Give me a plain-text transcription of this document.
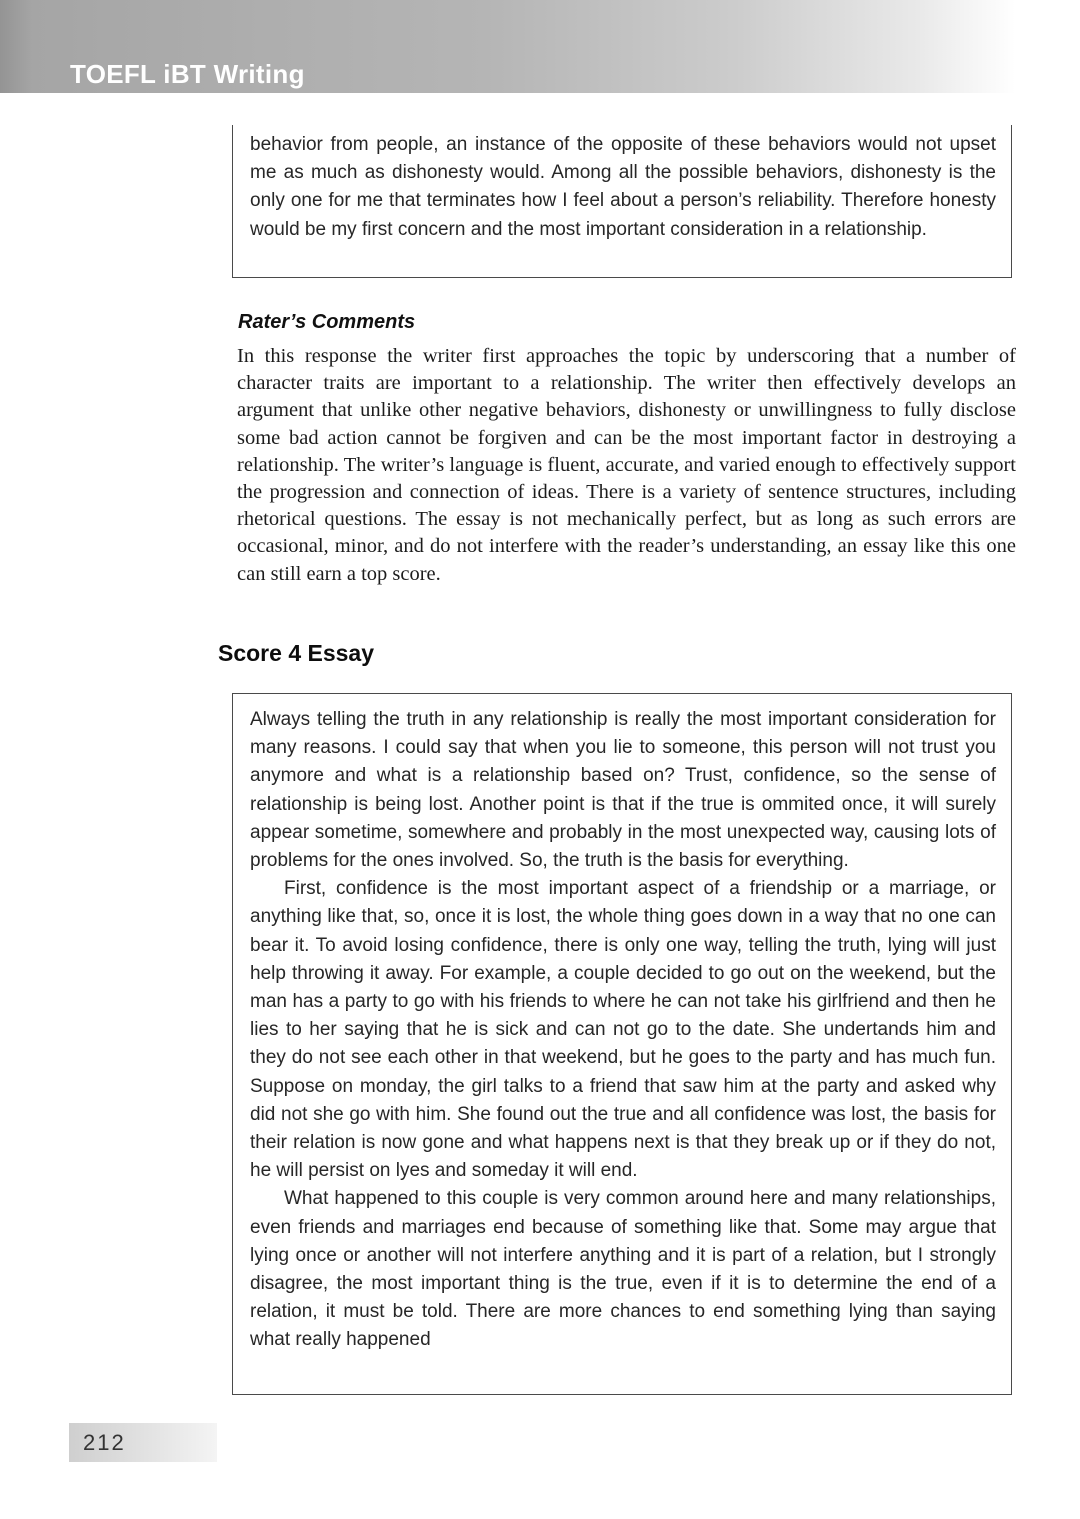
TOEFL iBT Writing

behavior from people, an instance of the opposite of these behaviors would not upset me as much as dishonesty would. Among all the possible behaviors, dishonesty is the only one for me that terminates how I feel about a person’s reliability. Therefore honesty would be my first concern and the most important consideration in a relationship.

Rater’s Comments

In this response the writer first approaches the topic by underscoring that a number of character traits are important to a relationship. The writer then effectively develops an argument that unlike other negative behaviors, dishonesty or unwillingness to fully disclose some bad action cannot be forgiven and can be the most important factor in destroying a relationship. The writer’s language is fluent, accurate, and varied enough to effectively support the progression and connection of ideas. There is a variety of sentence structures, including rhetorical questions. The essay is not mechanically perfect, but as long as such errors are occasional, minor, and do not interfere with the reader’s understanding, an essay like this one can still earn a top score.

Score 4 Essay

Always telling the truth in any relationship is really the most important consideration for many reasons. I could say that when you lie to someone, this person will not trust you anymore and what is a relationship based on? Trust, confidence, so the sense of relationship is being lost. Another point is that if the true is ommited once, it will surely appear sometime, somewhere and probably in the most unexpected way, causing lots of problems for the ones involved. So, the truth is the basis for everything.

First, confidence is the most important aspect of a friendship or a marriage, or anything like that, so, once it is lost, the whole thing goes down in a way that no one can bear it. To avoid losing confidence, there is only one way, telling the truth, lying will just help throwing it away. For example, a couple decided to go out on the weekend, but the man has a party to go with his friends to where he can not take his girlfriend and then he lies to her saying that he is sick and can not go to the date. She undertands him and they do not see each other in that weekend, but he goes to the party and has much fun. Suppose on monday, the girl talks to a friend that saw him at the party and asked why did not she go with him. She found out the true and all confidence was lost, the basis for their relation is now gone and what happens next is that they break up or if they do not, he will persist on lyes and someday it will end.

What happened to this couple is very common around here and many relationships, even friends and marriages end because of something like that. Some may argue that lying once or another will not interfere anything and it is part of a relation, but I strongly disagree, the most important thing is the true, even if it is to determine the end of a relation, it must be told. There are more chances to end something lying than saying what really happened

212
